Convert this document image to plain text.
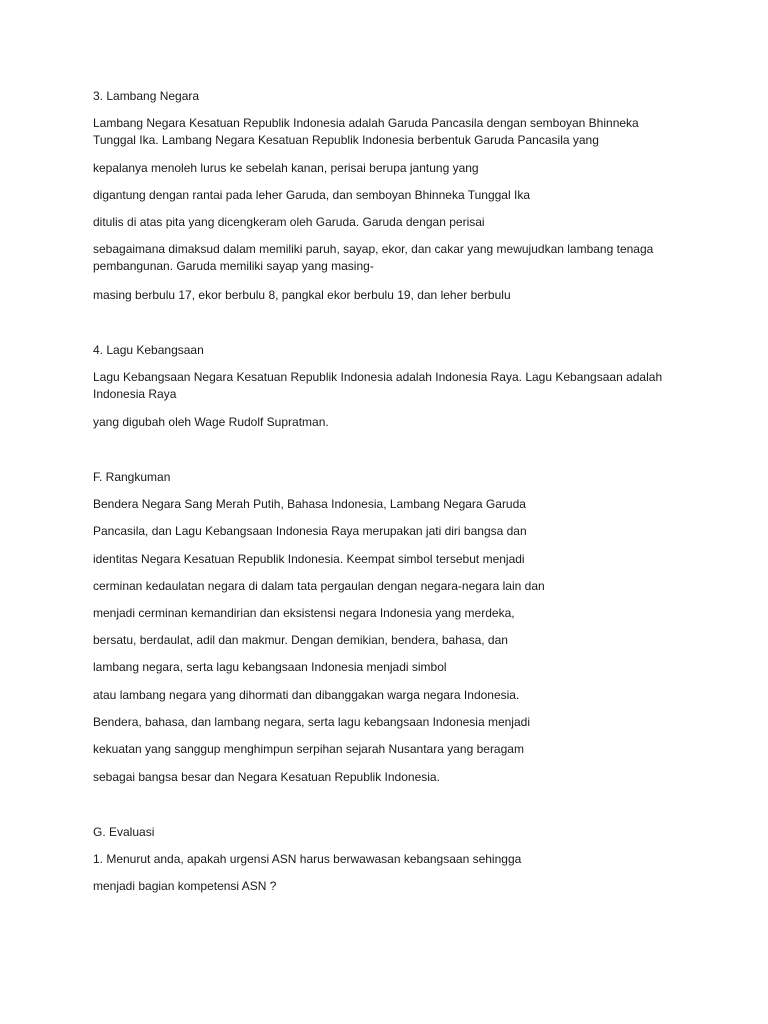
3. Lambang Negara

Lambang Negara Kesatuan Republik Indonesia adalah Garuda Pancasila dengan semboyan Bhinneka Tunggal Ika. Lambang Negara Kesatuan Republik Indonesia berbentuk Garuda Pancasila yang

kepalanya menoleh lurus ke sebelah kanan, perisai berupa jantung yang

digantung dengan rantai pada leher Garuda, dan semboyan Bhinneka Tunggal Ika

ditulis di atas pita yang dicengkeram oleh Garuda. Garuda dengan perisai

sebagaimana dimaksud dalam memiliki paruh, sayap, ekor, dan cakar yang mewujudkan lambang tenaga pembangunan. Garuda memiliki sayap yang masing-

masing berbulu 17, ekor berbulu 8, pangkal ekor berbulu 19, dan leher berbulu

4. Lagu Kebangsaan

Lagu Kebangsaan Negara Kesatuan Republik Indonesia adalah Indonesia Raya. Lagu Kebangsaan adalah Indonesia Raya

yang digubah oleh Wage Rudolf Supratman.

F. Rangkuman

Bendera Negara Sang Merah Putih, Bahasa Indonesia, Lambang Negara Garuda

Pancasila, dan Lagu Kebangsaan Indonesia Raya merupakan jati diri bangsa dan

identitas Negara Kesatuan Republik Indonesia. Keempat simbol tersebut menjadi

cerminan kedaulatan negara di dalam tata pergaulan dengan negara-negara lain dan

menjadi cerminan kemandirian dan eksistensi negara Indonesia yang merdeka,

bersatu, berdaulat, adil dan makmur. Dengan demikian, bendera, bahasa, dan

lambang negara, serta lagu kebangsaan Indonesia menjadi simbol

atau lambang negara yang dihormati dan dibanggakan warga negara Indonesia.

Bendera, bahasa, dan lambang negara, serta lagu kebangsaan Indonesia menjadi

kekuatan yang sanggup menghimpun serpihan sejarah Nusantara yang beragam

sebagai bangsa besar dan Negara Kesatuan Republik Indonesia.

G. Evaluasi

1. Menurut anda, apakah urgensi ASN harus berwawasan kebangsaan sehingga

menjadi bagian kompetensi ASN ?
